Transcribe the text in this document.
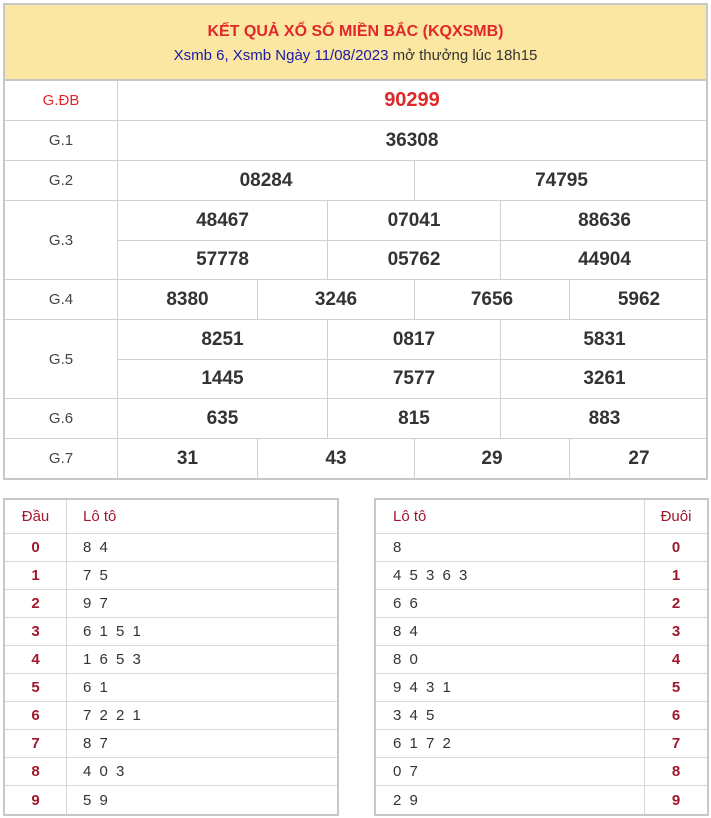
KẾT QUẢ XỔ SỐ MIỀN BẮC (KQXSMB)
Xsmb 6, Xsmb Ngày 11/08/2023 mở thưởng lúc 18h15
G.ĐB	90299
G.1	36308
G.2	08284	74795
G.3
48467	07041	88636
57778	05762	44904
G.4	8380	3246	7656	5962
G.5
8251	0817	5831
1445	7577	3261
G.6	635	815	883
G.7	31	43	29	27
Đầu	Lô tô
0	8 4
1	7 5
2	9 7
3	6 1 5 1
4	1 6 5 3
5	6 1
6	7 2 2 1
7	8 7
8	4 0 3
9	5 9
Lô tô	Đuôi
8	0
4 5 3 6 3	1
6 6	2
8 4	3
8 0	4
9 4 3 1	5
3 4 5	6
6 1 7 2	7
0 7	8
2 9	9
